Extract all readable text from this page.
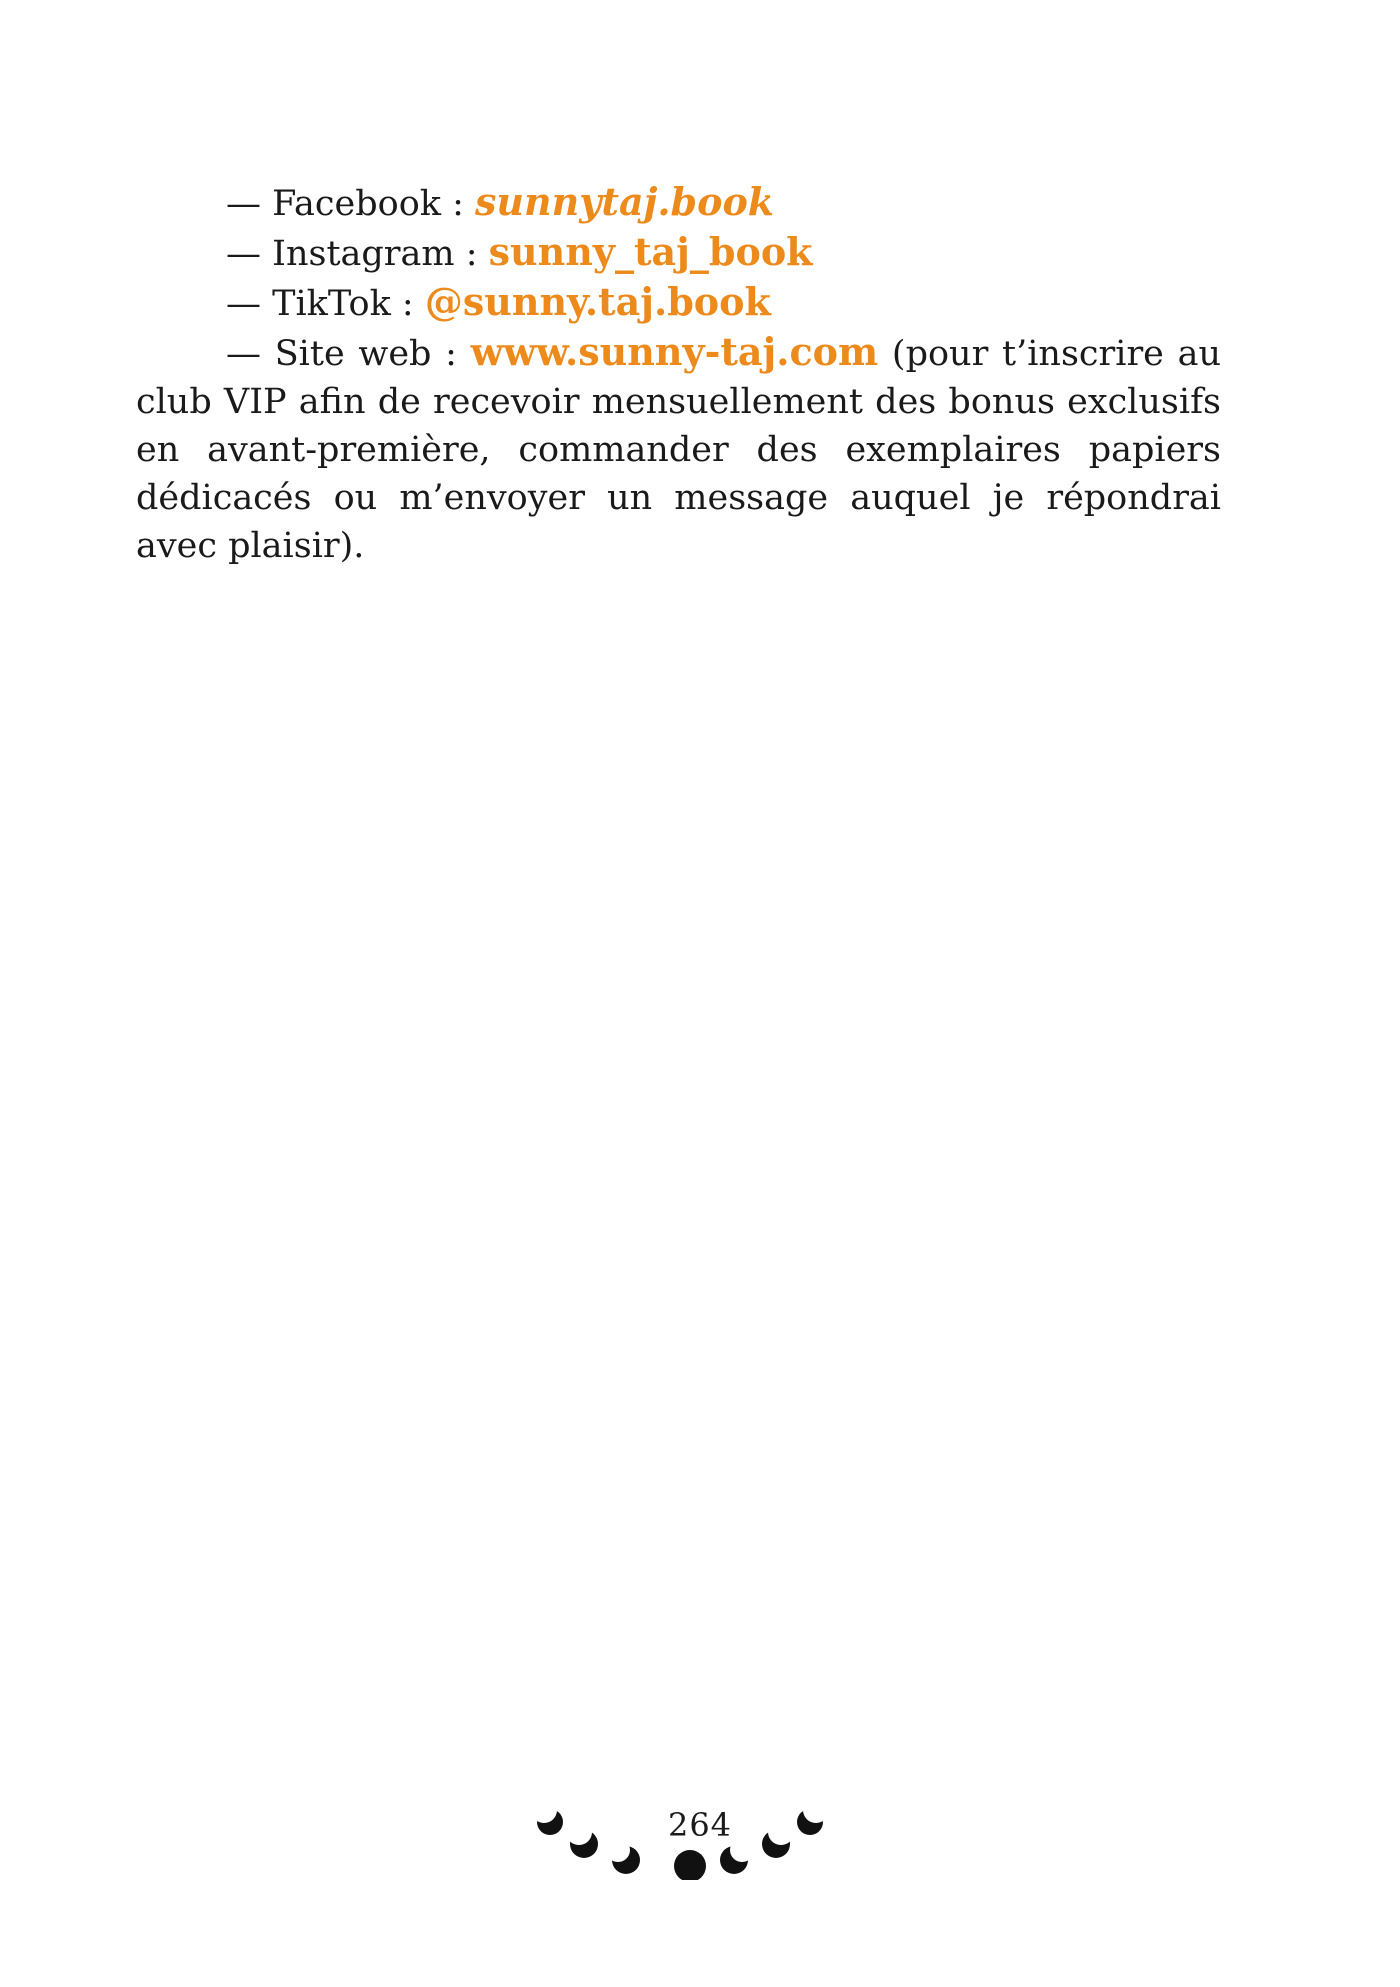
— Facebook : sunnytaj.book
— Instagram : sunny_taj_book
— TikTok : @sunny.taj.book
— Site web : www.sunny-taj.com (pour t’inscrire au club VIP afin de recevoir mensuellement des bonus exclusifs en avant-première, commander des exemplaires papiers dédicacés ou m’envoyer un message auquel je répondrai avec plaisir).
264
